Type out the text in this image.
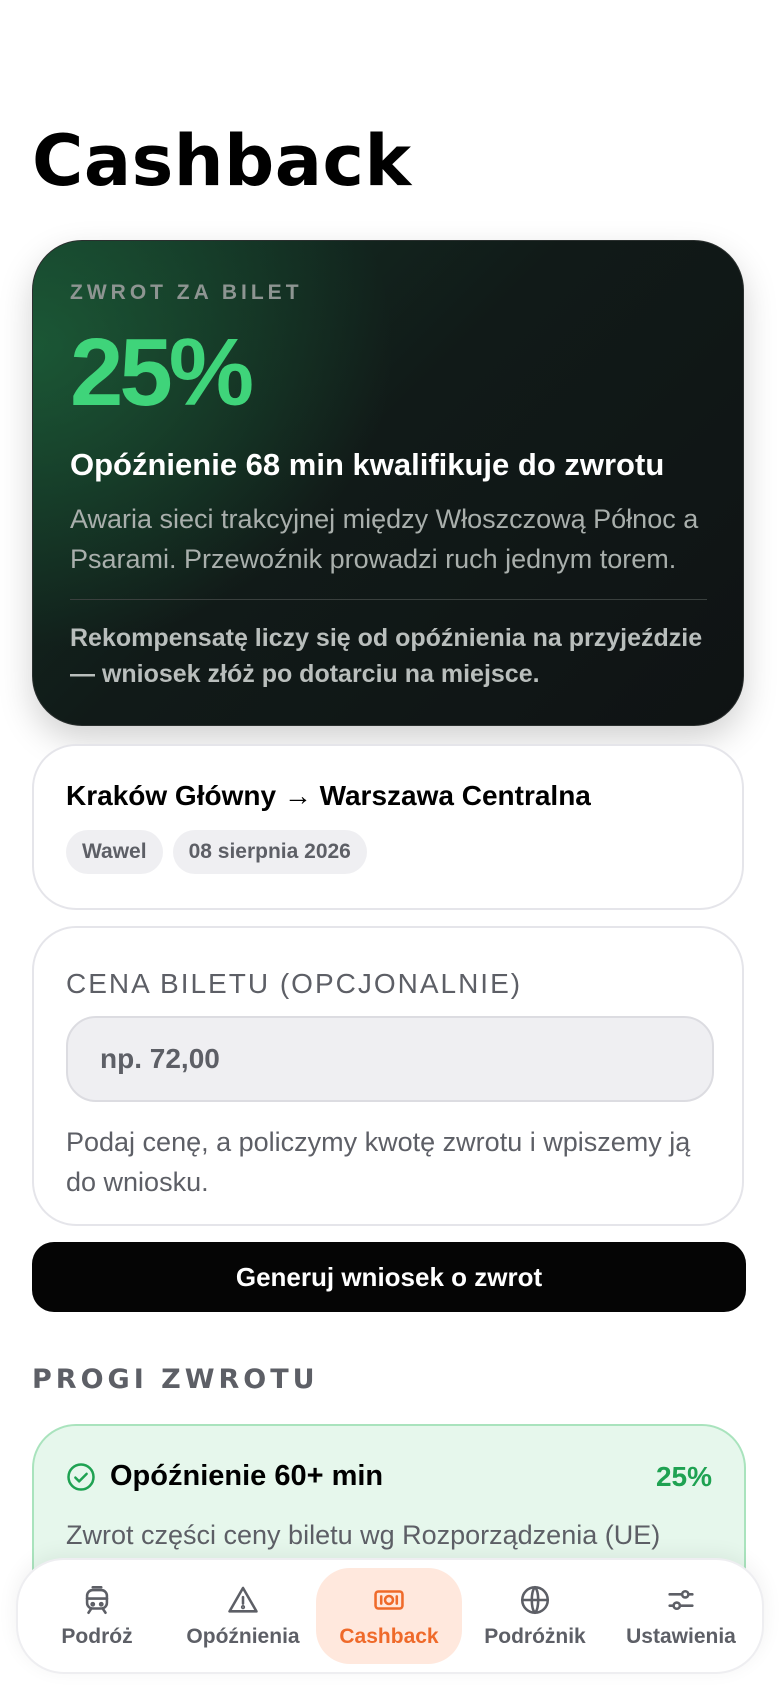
Cashback
ZWROT ZA BILET
25%
Opóźnienie 68 min kwalifikuje do zwrotu
Awaria sieci trakcyjnej między Włoszczową Północ a Psarami. Przewoźnik prowadzi ruch jednym torem.
Rekompensatę liczy się od opóźnienia na przyjeździe — wniosek złóż po dotarciu na miejsce.
Kraków Główny → Warszawa Centralna
Wawel	08 sierpnia 2026
CENA BILETU (OPCJONALNIE)
np. 72,00
Podaj cenę, a policzymy kwotę zwrotu i wpiszemy ją do wniosku.
Generuj wniosek o zwrot
PROGI ZWROTU
Opóźnienie 60+ min	25%
Zwrot części ceny biletu wg Rozporządzenia (UE)
Podróż	Opóźnienia Cashback Podróżnik Ustawienia
